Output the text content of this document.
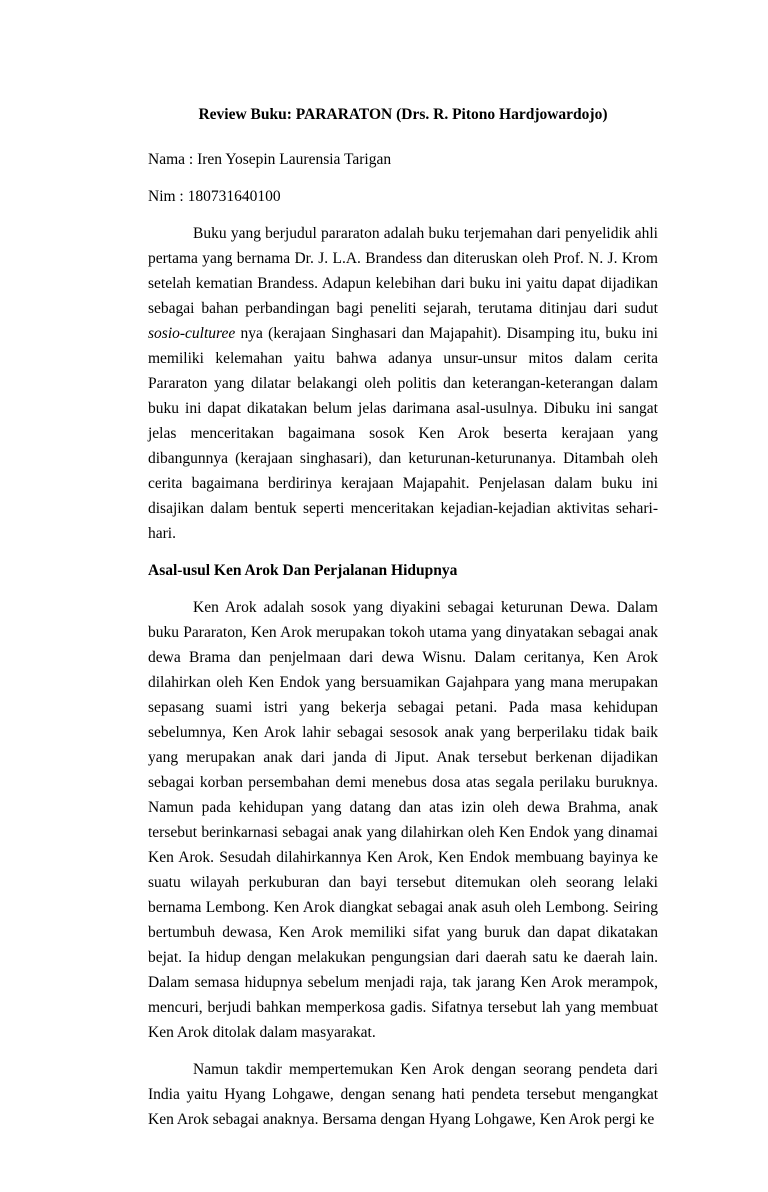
Review Buku: PARARATON (Drs. R. Pitono Hardjowardojo)

Nama : Iren Yosepin Laurensia Tarigan

Nim : 180731640100

Buku yang berjudul pararaton adalah buku terjemahan dari penyelidik ahli pertama yang bernama Dr. J. L.A. Brandess dan diteruskan oleh Prof. N. J. Krom setelah kematian Brandess. Adapun kelebihan dari buku ini yaitu dapat dijadikan sebagai bahan perbandingan bagi peneliti sejarah, terutama ditinjau dari sudut sosio-culturee nya (kerajaan Singhasari dan Majapahit). Disamping itu, buku ini memiliki kelemahan yaitu bahwa adanya unsur-unsur mitos dalam cerita Pararaton yang dilatar belakangi oleh politis dan keterangan-keterangan dalam buku ini dapat dikatakan belum jelas darimana asal-usulnya. Dibuku ini sangat jelas menceritakan bagaimana sosok Ken Arok beserta kerajaan yang dibangunnya (kerajaan singhasari), dan keturunan-keturunanya. Ditambah oleh cerita bagaimana berdirinya kerajaan Majapahit. Penjelasan dalam buku ini disajikan dalam bentuk seperti menceritakan kejadian-kejadian aktivitas sehari-hari.

Asal-usul Ken Arok Dan Perjalanan Hidupnya

Ken Arok adalah sosok yang diyakini sebagai keturunan Dewa. Dalam buku Pararaton, Ken Arok merupakan tokoh utama yang dinyatakan sebagai anak dewa Brama dan penjelmaan dari dewa Wisnu. Dalam ceritanya, Ken Arok dilahirkan oleh Ken Endok yang bersuamikan Gajahpara yang mana merupakan sepasang suami istri yang bekerja sebagai petani. Pada masa kehidupan sebelumnya, Ken Arok lahir sebagai sesosok anak yang berperilaku tidak baik yang merupakan anak dari janda di Jiput. Anak tersebut berkenan dijadikan sebagai korban persembahan demi menebus dosa atas segala perilaku buruknya. Namun pada kehidupan yang datang dan atas izin oleh dewa Brahma, anak tersebut berinkarnasi sebagai anak yang dilahirkan oleh Ken Endok yang dinamai Ken Arok. Sesudah dilahirkannya Ken Arok, Ken Endok membuang bayinya ke suatu wilayah perkuburan dan bayi tersebut ditemukan oleh seorang lelaki bernama Lembong. Ken Arok diangkat sebagai anak asuh oleh Lembong. Seiring bertumbuh dewasa, Ken Arok memiliki sifat yang buruk dan dapat dikatakan bejat. Ia hidup dengan melakukan pengungsian dari daerah satu ke daerah lain. Dalam semasa hidupnya sebelum menjadi raja, tak jarang Ken Arok merampok, mencuri, berjudi bahkan memperkosa gadis. Sifatnya tersebut lah yang membuat Ken Arok ditolak dalam masyarakat.

Namun takdir mempertemukan Ken Arok dengan seorang pendeta dari India yaitu Hyang Lohgawe, dengan senang hati pendeta tersebut mengangkat Ken Arok sebagai anaknya. Bersama dengan Hyang Lohgawe, Ken Arok pergi ke
